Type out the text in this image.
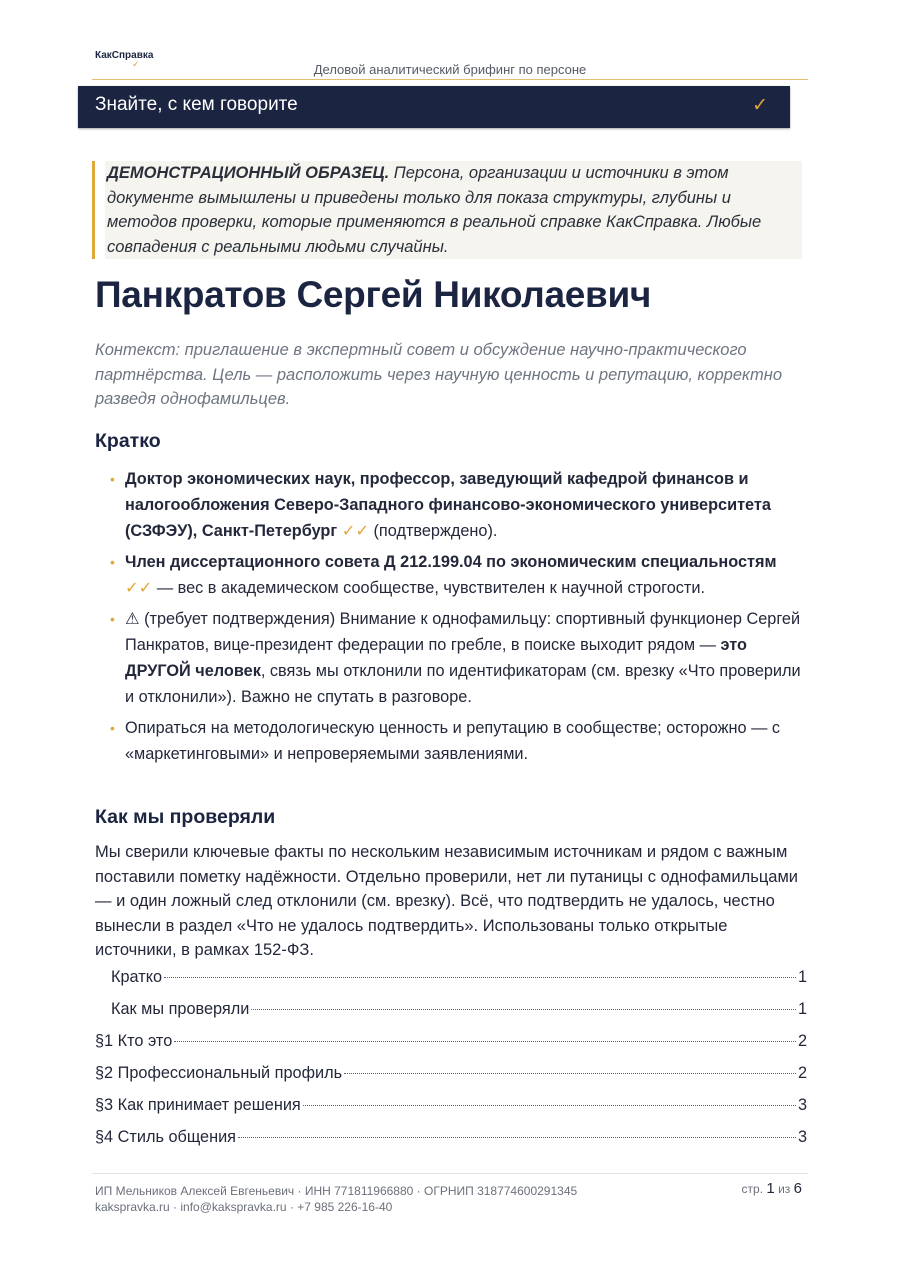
КакСправка
✓	Деловой аналитический брифинг по персоне
Знайте, с кем говорите	✓
ДЕМОНСТРАЦИОННЫЙ ОБРАЗЕЦ. Персона, организации и источники в этом документе вымышлены и приведены только для показа структуры, глубины и методов проверки, которые применяются в реальной справке КакСправка. Любые совпадения с реальными людьми случайны.
Панкратов Сергей Николаевич
Контекст: приглашение в экспертный совет и обсуждение научно-практического партнёрства. Цель — расположить через научную ценность и репутацию, корректно разведя однофамильцев.
Кратко
• Доктор экономических наук, профессор, заведующий кафедрой финансов и налогообложения Северо-Западного финансово-экономического университета (СЗФЭУ), Санкт-Петербург ✓✓ (подтверждено).
• Член диссертационного совета Д 212.199.04 по экономическим специальностям ✓✓ — вес в академическом сообществе, чувствителен к научной строгости.
• ⚠ (требует подтверждения) Внимание к однофамильцу: спортивный функционер Сергей Панкратов, вице-президент федерации по гребле, в поиске выходит рядом — это ДРУГОЙ человек, связь мы отклонили по идентификаторам (см. врезку «Что проверили и отклонили»). Важно не спутать в разговоре.
• Опираться на методологическую ценность и репутацию в сообществе; осторожно — с «маркетинговыми» и непроверяемыми заявлениями.
Как мы проверяли
Мы сверили ключевые факты по нескольким независимым источникам и рядом с важным поставили пометку надёжности. Отдельно проверили, нет ли путаницы с однофамильцами — и один ложный след отклонили (см. врезку). Всё, что подтвердить не удалось, честно вынесли в раздел «Что не удалось подтвердить». Использованы только открытые источники, в рамках 152-ФЗ.
Кратко	1
Как мы проверяли	1
§1 Кто это	2
§2 Профессиональный профиль	2
§3 Как принимает решения	3
§4 Стиль общения	3
ИП Мельников Алексей Евгеньевич · ИНН 771811966880 · ОГРНИП 318774600291345
kakspravka.ru · info@kakspravka.ru · +7 985 226-16-40
стр. 1 из 6
